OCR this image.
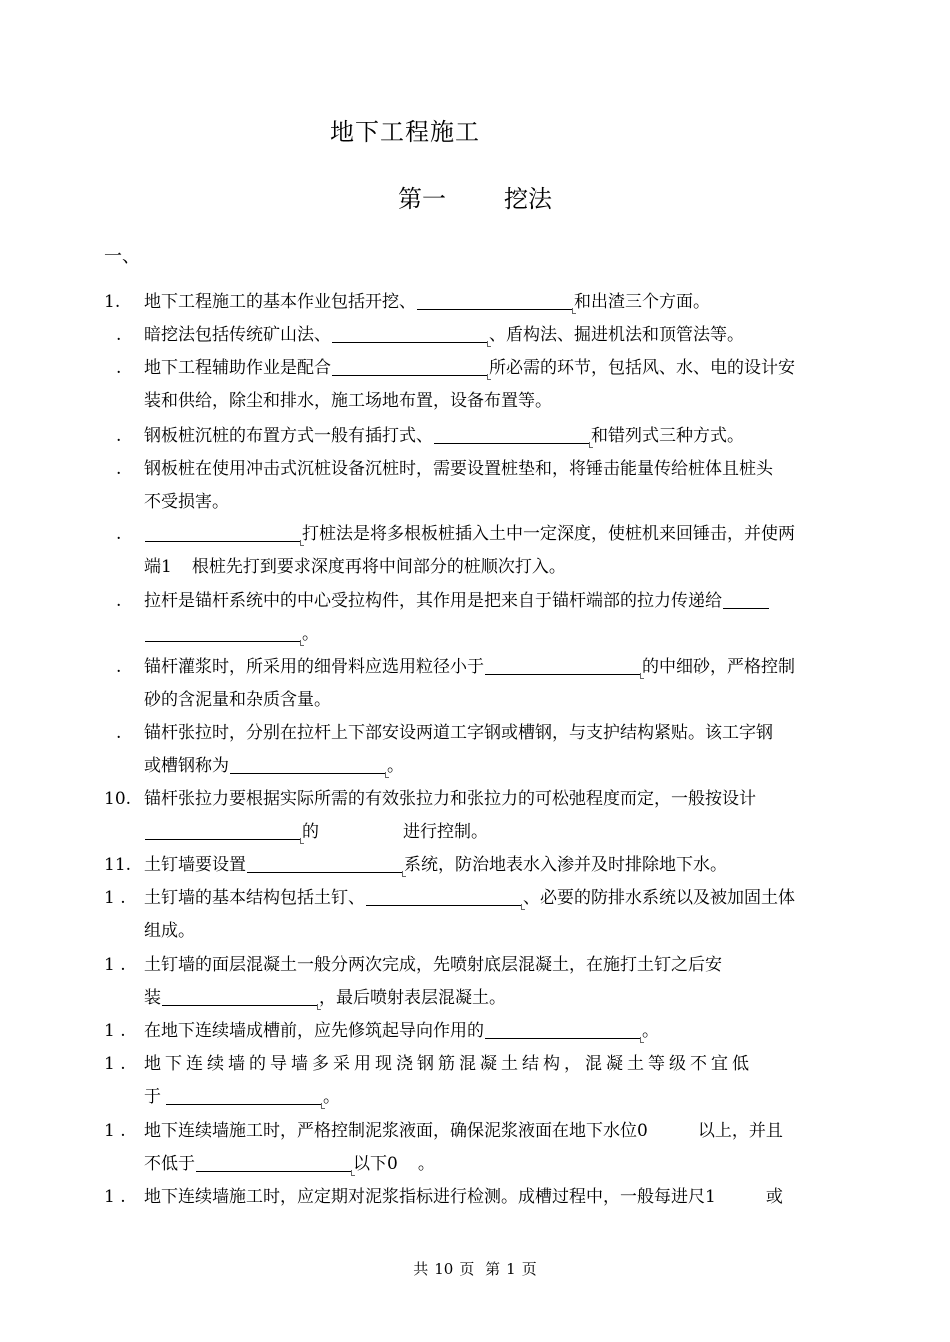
地下工程施工
第一 挖法
一、
1.	地下工程施工的基本作业包括开挖、	和出渣三个方面。
.	暗挖法包括传统矿山法、	、盾构法、掘进机法和顶管法等。
.	地下工程辅助作业是配合	所必需的环节，包括风、水、电的设计安
装和供给，除尘和排水，施工场地布置，设备布置等。
.	钢板桩沉桩的布置方式一般有插打式、	和错列式三种方式。
.	钢板桩在使用冲击式沉桩设备沉桩时，需要设置桩垫和，将锤击能量传给桩体且桩头
不受损害。
.	打桩法是将多根板桩插入土中一定深度，使桩机来回锤击，并使两
端1 根桩先打到要求深度再将中间部分的桩顺次打入。
.	拉杆是锚杆系统中的中心受拉构件，其作用是把来自于锚杆端部的拉力传递给
。
.	锚杆灌浆时，所采用的细骨料应选用粒径小于	的中细砂，严格控制
砂的含泥量和杂质含量。
.	锚杆张拉时，分别在拉杆上下部安设两道工字钢或槽钢，与支护结构紧贴。该工字钢
或槽钢称为	。
10. 锚杆张拉力要根据实际所需的有效张拉力和张拉力的可松弛程度而定，一般按设计
的	进行控制。
11. 土钉墙要设置	系统，防治地表水入渗并及时排除地下水。
1 .	土钉墙的基本结构包括土钉、	、必要的防排水系统以及被加固土体
组成。
1 .	土钉墙的面层混凝土一般分两次完成，先喷射底层混凝土，在施打土钉之后安
装	，最后喷射表层混凝土。
1 .	在地下连续墙成槽前，应先修筑起导向作用的	。
1 .	地下连续墙的导墙多采用现浇钢筋混凝土结构，混凝土等级不宜低
于	。
1 .	地下连续墙施工时，严格控制泥浆液面，确保泥浆液面在地下水位0	以上，并且
不低于	以下0 。
1 .	地下连续墙施工时，应定期对泥浆指标进行检测。成槽过程中，一般每进尺1	或
共 10 页 第 1 页
